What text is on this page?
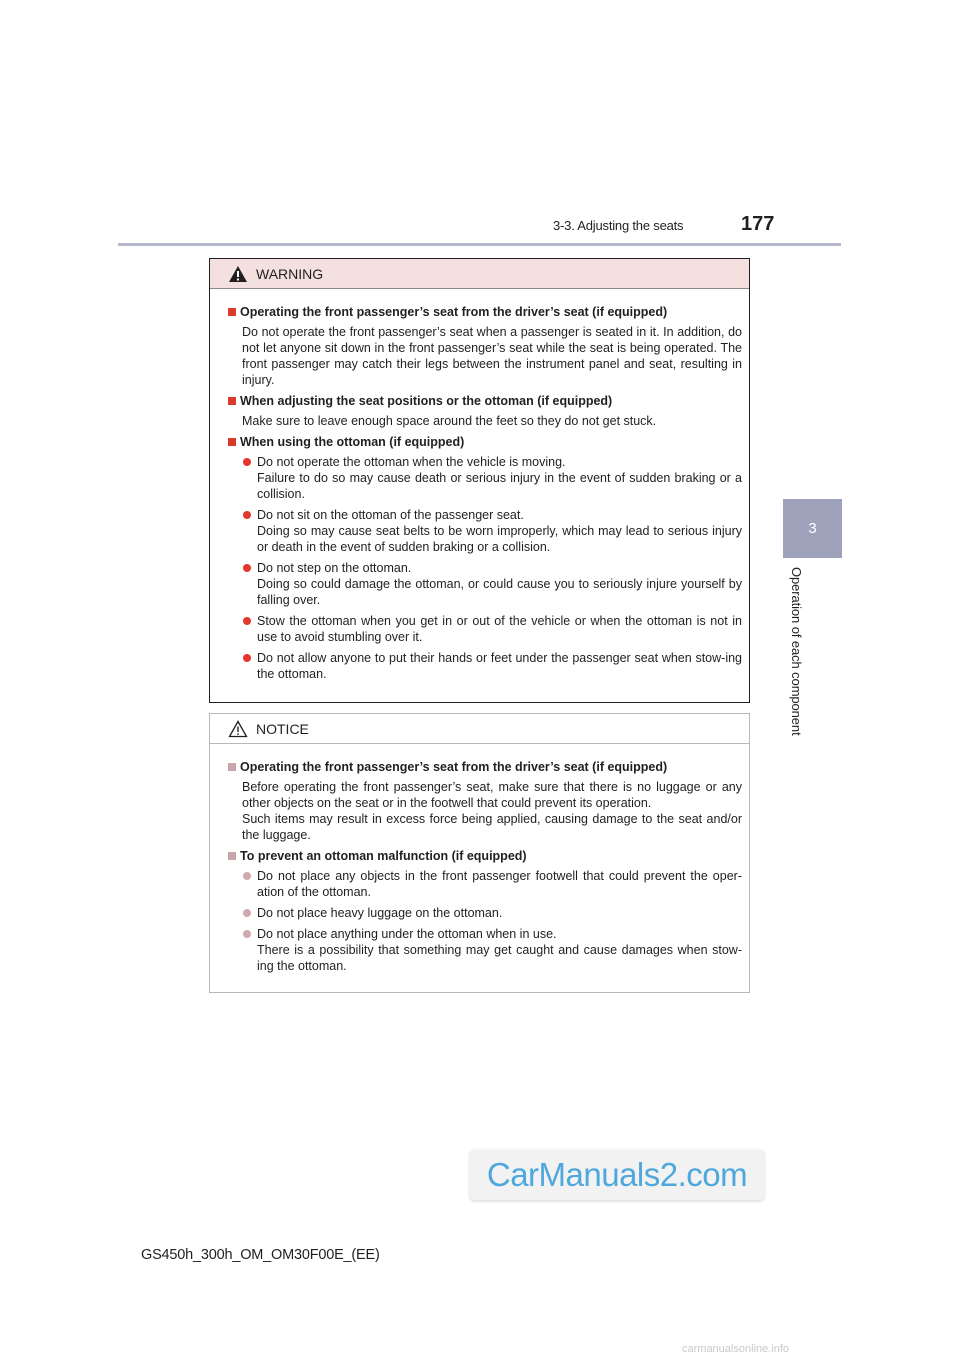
3-3. Adjusting the seats	177
3
Operation of each component
WARNING
Operating the front passenger’s seat from the driver’s seat (if equipped)
Do not operate the front passenger’s seat when a passenger is seated in it. In addition, do not let anyone sit down in the front passenger’s seat while the seat is being operated. The front passenger may catch their legs between the instrument panel and seat, resulting in injury.
When adjusting the seat positions or the ottoman (if equipped)
Make sure to leave enough space around the feet so they do not get stuck.
When using the ottoman (if equipped)
Do not operate the ottoman when the vehicle is moving.
Failure to do so may cause death or serious injury in the event of sudden braking or a collision.
Do not sit on the ottoman of the passenger seat.
Doing so may cause seat belts to be worn improperly, which may lead to serious injury or death in the event of sudden braking or a collision.
Do not step on the ottoman.
Doing so could damage the ottoman, or could cause you to seriously injure yourself by falling over.
Stow the ottoman when you get in or out of the vehicle or when the ottoman is not in use to avoid stumbling over it.
Do not allow anyone to put their hands or feet under the passenger seat when stow-ing the ottoman.
NOTICE
Operating the front passenger’s seat from the driver’s seat (if equipped)
Before operating the front passenger’s seat, make sure that there is no luggage or any other objects on the seat or in the footwell that could prevent its operation.
Such items may result in excess force being applied, causing damage to the seat and/or the luggage.
To prevent an ottoman malfunction (if equipped)
Do not place any objects in the front passenger footwell that could prevent the oper-ation of the ottoman.
Do not place heavy luggage on the ottoman.
Do not place anything under the ottoman when in use.
There is a possibility that something may get caught and cause damages when stow-ing the ottoman.
CarManuals2.com
GS450h_300h_OM_OM30F00E_(EE)
carmanualsonline.info
